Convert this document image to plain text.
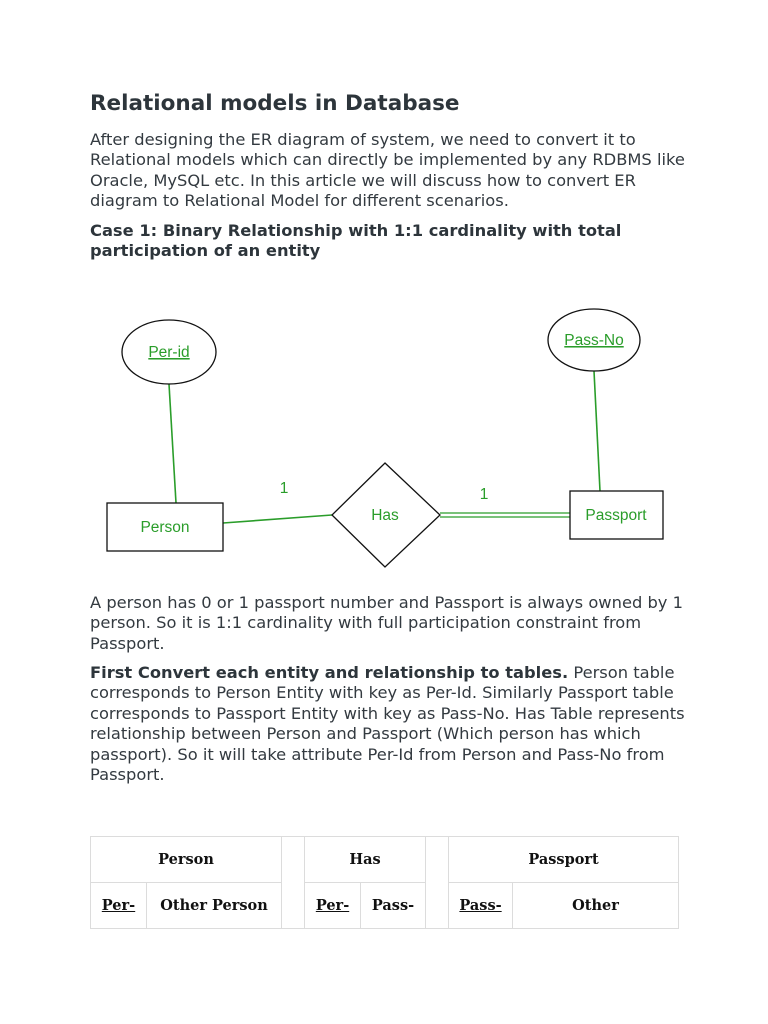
Relational models in Database

After designing the ER diagram of system, we need to convert it to Relational models which can directly be implemented by any RDBMS like Oracle, MySQL etc. In this article we will discuss how to convert ER diagram to Relational Model for different scenarios.

Case 1: Binary Relationship with 1:1 cardinality with total participation of an entity

Per-id
Pass-No
Person
Has	Passport
1	1

A person has 0 or 1 passport number and Passport is always owned by 1 person. So it is 1:1 cardinality with full participation constraint from Passport.

First Convert each entity and relationship to tables. Person table corresponds to Person Entity with key as Per-Id. Similarly Passport table corresponds to Passport Entity with key as Pass-No. Has Table represents relationship between Person and Passport (Which person has which passport). So it will take attribute Per-Id from Person and Pass-No from Passport.

Person			Has			Passport	
Per-	Other Person		Per-	Pass-		Pass-	Other
